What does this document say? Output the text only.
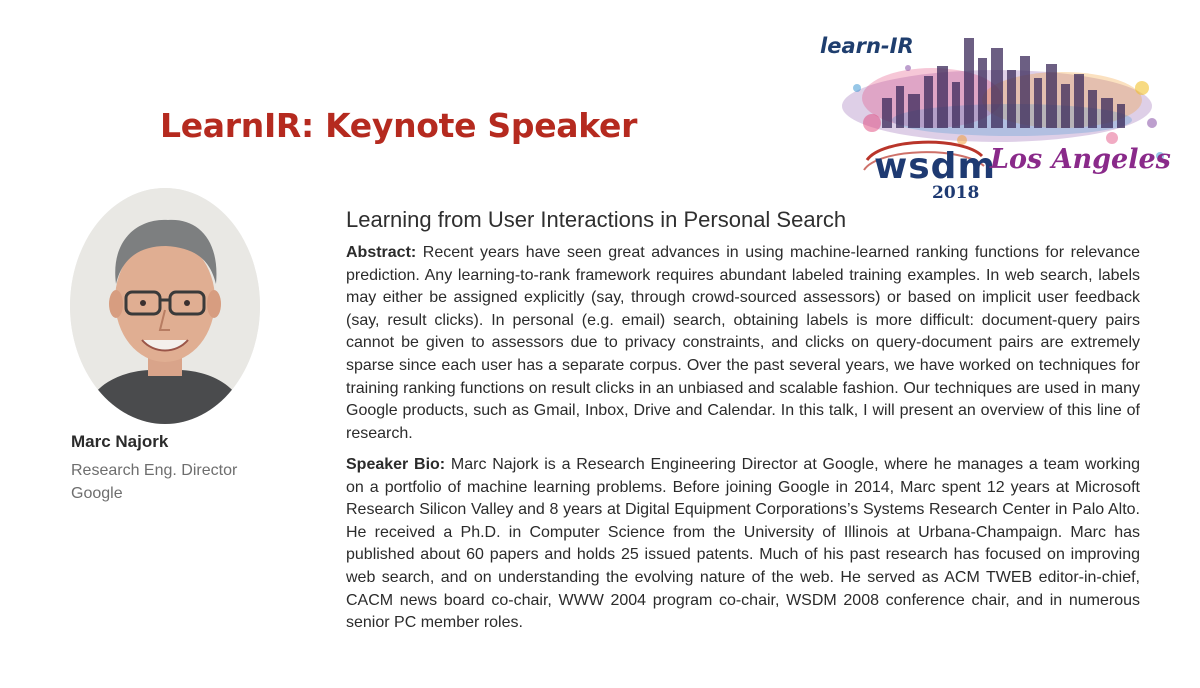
LearnIR: Keynote Speaker
learn-IR
wsdm
Los Angeles
2018
Marc Najork
Research Eng. Director
Google
Learning from User Interactions in Personal Search

Abstract: Recent years have seen great advances in using machine-learned ranking functions for relevance prediction. Any learning-to-rank framework requires abundant labeled training examples. In web search, labels may either be assigned explicitly (say, through crowd-sourced assessors) or based on implicit user feedback (say, result clicks). In personal (e.g. email) search, obtaining labels is more difficult: document-query pairs cannot be given to assessors due to privacy constraints, and clicks on query-document pairs are extremely sparse since each user has a separate corpus. Over the past several years, we have worked on techniques for training ranking functions on result clicks in an unbiased and scalable fashion. Our techniques are used in many Google products, such as Gmail, Inbox, Drive and Calendar. In this talk, I will present an overview of this line of research.

Speaker Bio: Marc Najork is a Research Engineering Director at Google, where he manages a team working on a portfolio of machine learning problems. Before joining Google in 2014, Marc spent 12 years at Microsoft Research Silicon Valley and 8 years at Digital Equipment Corporations’s Systems Research Center in Palo Alto. He received a Ph.D. in Computer Science from the University of Illinois at Urbana-Champaign. Marc has published about 60 papers and holds 25 issued patents. Much of his past research has focused on improving web search, and on understanding the evolving nature of the web. He served as ACM TWEB editor-in-chief, CACM news board co-chair, WWW 2004 program co-chair, WSDM 2008 conference chair, and in numerous senior PC member roles.
